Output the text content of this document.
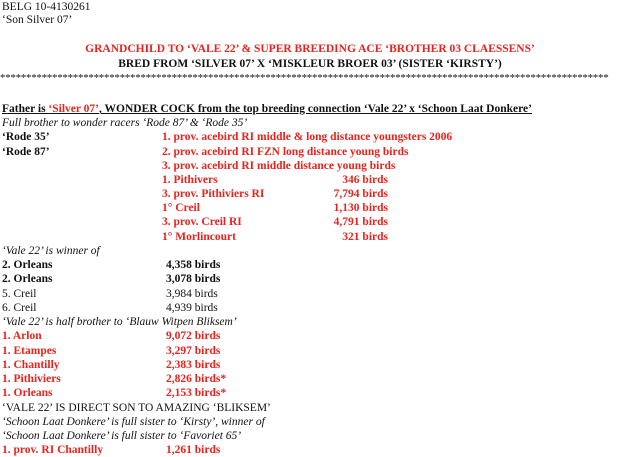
BELG 10-4130261
‘Son Silver 07’
GRANDCHILD TO ‘VALE 22’ & SUPER BREEDING ACE ‘BROTHER 03 CLAESSENS’
BRED FROM ‘SILVER 07’ X ‘MISKLEUR BROER 03’ (SISTER ‘KIRSTY’)
*********************************************************************************************************************
Father is ‘Silver 07’, WONDER COCK from the top breeding connection ‘Vale 22’ x ‘Schoon Laat Donkere’
Full brother to wonder racers ‘Rode 87’ & ‘Rode 35’
‘Rode 35’
‘Rode 87’
1. prov. acebird RI middle & long distance youngsters 2006
2. prov. acebird RI FZN long distance young birds
3. prov. acebird RI middle distance young birds
1. Pithivers	346 birds
3. prov. Pithiviers RI	7,794 birds
1° Creil	1,130 birds
3. prov. Creil RI	4,791 birds
1° Morlincourt	321 birds
‘Vale 22’ is winner of
2. Orleans	4,358 birds
2. Orleans	3,078 birds
5. Creil	3,984 birds
6. Creil	4,939 birds
‘Vale 22’ is half brother to ‘Blauw Witpen Bliksem’
1. Arlon	9,072 birds
1. Etampes	3,297 birds
1. Chantilly	2,383 birds
1. Pithiviers	2,826 birds*
1. Orleans	2,153 birds*
‘VALE 22’ IS DIRECT SON TO AMAZING ‘BLIKSEM’
‘Schoon Laat Donkere’ is full sister to ‘Kirsty’, winner of
‘Schoon Laat Donkere’ is full sister to ‘Favoriet 65’
1. prov. RI Chantilly	1,261 birds
